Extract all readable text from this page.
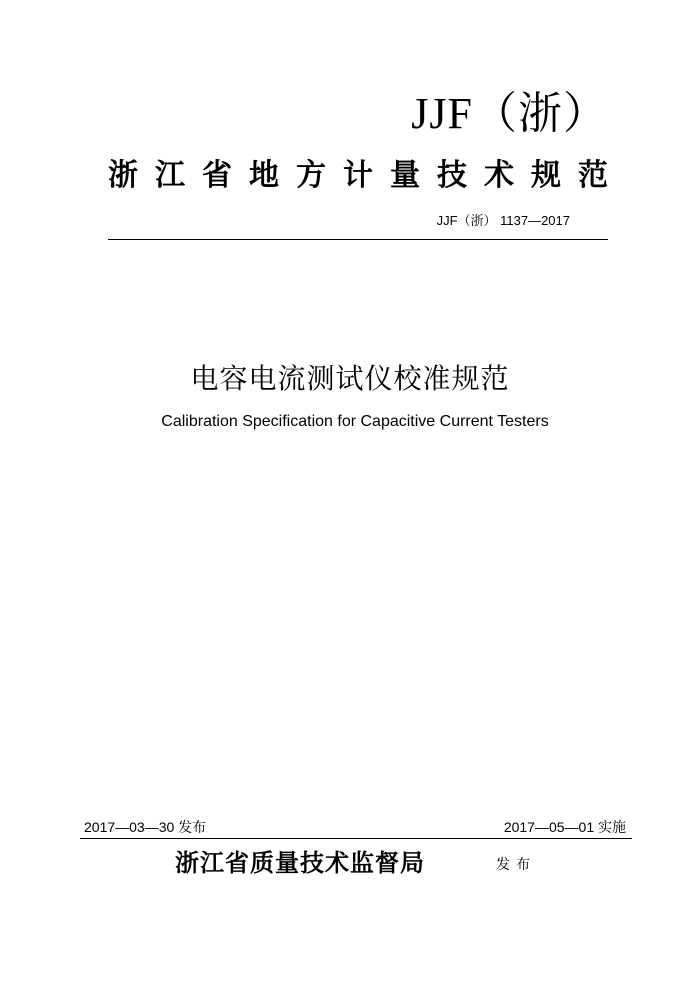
JJF（浙）
浙 江 省 地 方 计 量 技 术 规 范
JJF（浙） 1137—2017
电容电流测试仪校准规范
Calibration Specification for Capacitive Current Testers
2017—03—30 发布	2017—05—01 实施
浙江省质量技术监督局	发布
